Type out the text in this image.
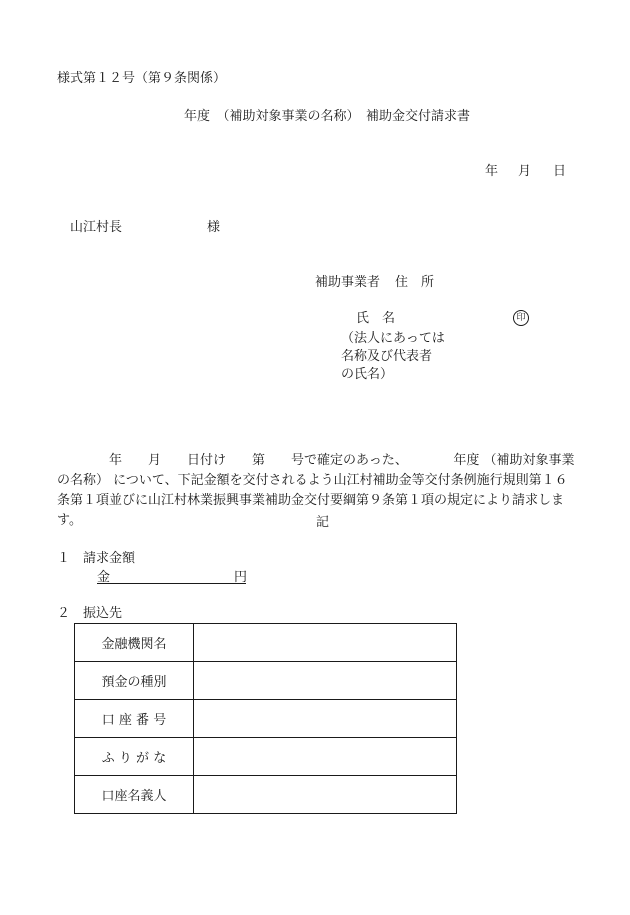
様式第１２号（第９条関係）
年度　（補助対象事業の名称）　補助金交付請求書
年 月 日
山江村長	様
補助事業者 住　所
氏　名	印
（法人にあっては
名称及び代表者
の氏名）
　　　　年　　月　　日付け　　第　　号で確定のあった、　　　　年度 （補助対象事業
の名称） について、下記金額を交付されるよう山江村補助金等交付条例施行規則第１６
条第１項並びに山江村林業振興事業補助金交付要綱第９条第１項の規定により請求しま
す。	記
１　請求金額
金	円
２　振込先
金融機関名	
預金の種別	
口 座 番 号	
ふ り が な	
口座名義人	
